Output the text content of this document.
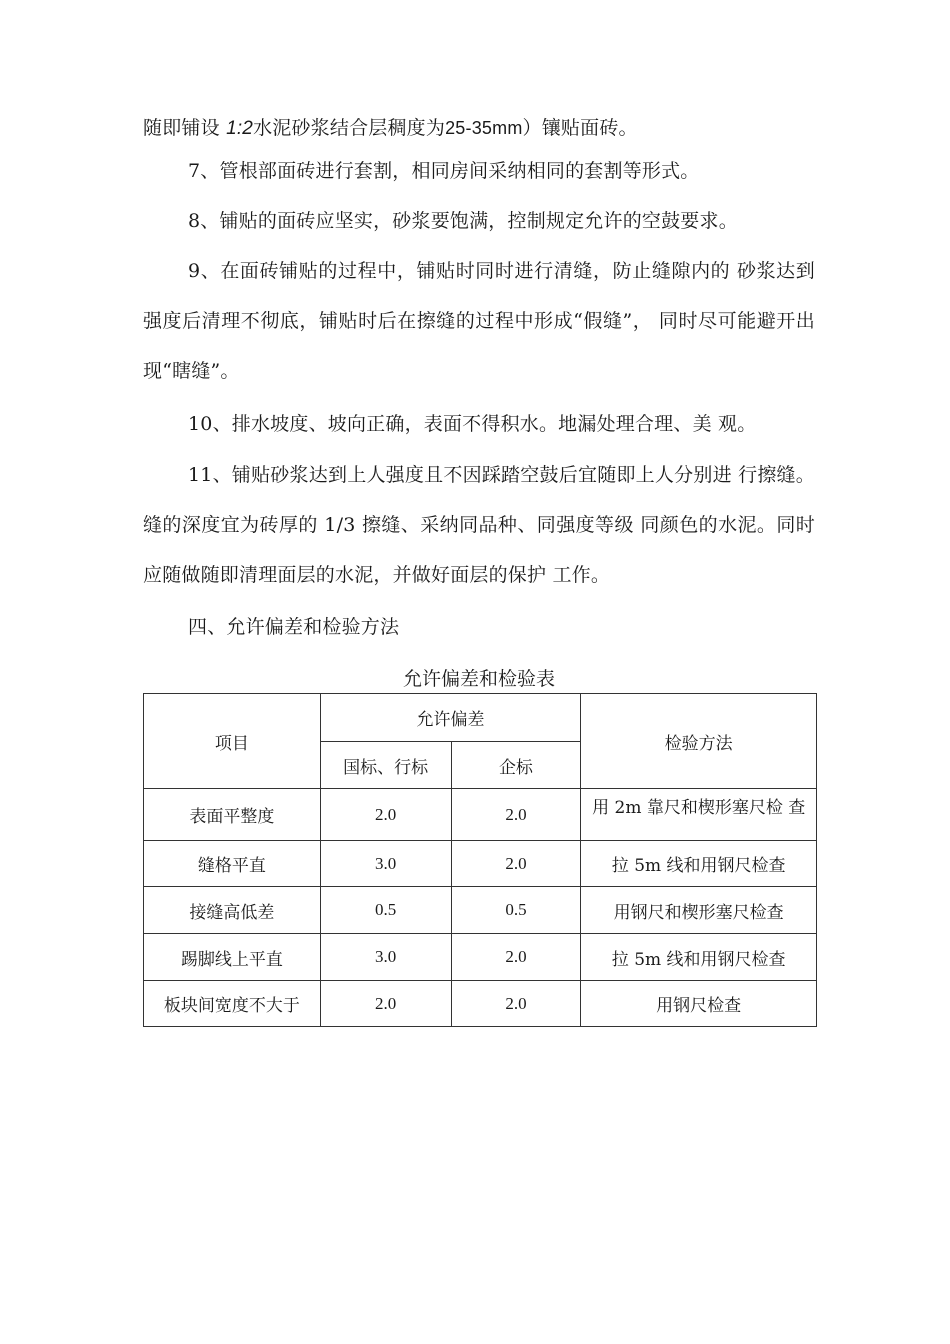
随即铺设 1:2水泥砂浆结合层稠度为25-35mm）镶贴面砖。

7、管根部面砖进行套割，相同房间采纳相同的套割等形式。

8、铺贴的面砖应坚实，砂浆要饱满，控制规定允许的空鼓要求。

9、在面砖铺贴的过程中，铺贴时同时进行清缝，防止缝隙内的 砂浆达到强度后清理不彻底，铺贴时后在擦缝的过程中形成“假缝”， 同时尽可能避开出现“瞎缝”。

10、排水坡度、坡向正确，表面不得积水。地漏处理合理、美 观。

11、铺贴砂浆达到上人强度且不因踩踏空鼓后宜随即上人分别进 行擦缝。缝的深度宜为砖厚的 1/3 擦缝、采纳同品种、同强度等级 同颜色的水泥。同时应随做随即清理面层的水泥，并做好面层的保护 工作。

四、允许偏差和检验方法

允许偏差和检验表
项目	允许偏差		检验方法
	国标、行标	企标	
表面平整度	2.0	2.0	用 2m 靠尺和楔形塞尺检 查
缝格平直	3.0	2.0	拉 5m 线和用钢尺检查
接缝高低差	0.5	0.5	用钢尺和楔形塞尺检查
踢脚线上平直	3.0	2.0	拉 5m 线和用钢尺检查
板块间宽度不大于	2.0	2.0	用钢尺检查
